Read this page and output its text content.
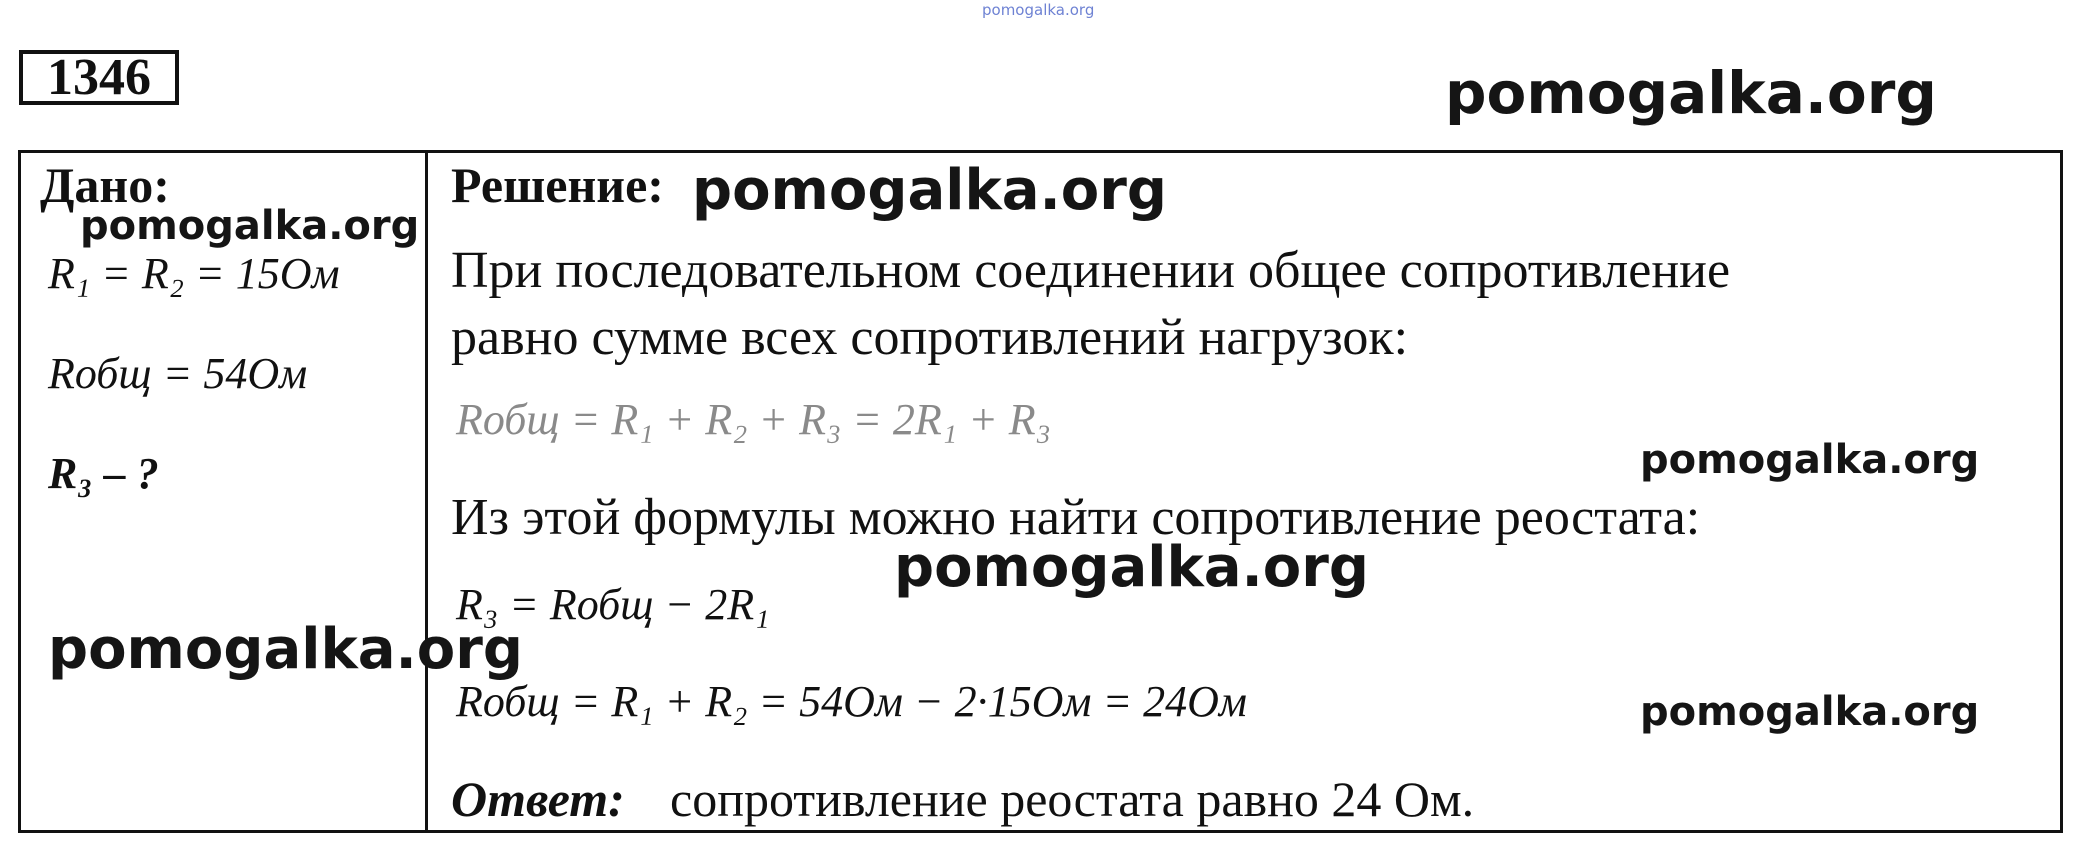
pomogalka.org
pomogalka.org
1346
Дано:
pomogalka.org
R₁ = R₂ = 15Ом
Rобщ = 54Ом
R₃ – ?
pomogalka.org
Решение: pomogalka.org
При последовательном соединении общее сопротивление
равно сумме всех сопротивлений нагрузок:
Rобщ = R₁ + R₂ + R₃ = 2R₁ + R₃
pomogalka.org
Из этой формулы можно найти сопротивление реостата:
pomogalka.org
R₃ = Rобщ − 2R₁
Rобщ = R₁ + R₂ = 54Ом − 2·15Ом = 24Ом	pomogalka.org
Ответ: сопротивление реостата равно 24 Ом.
